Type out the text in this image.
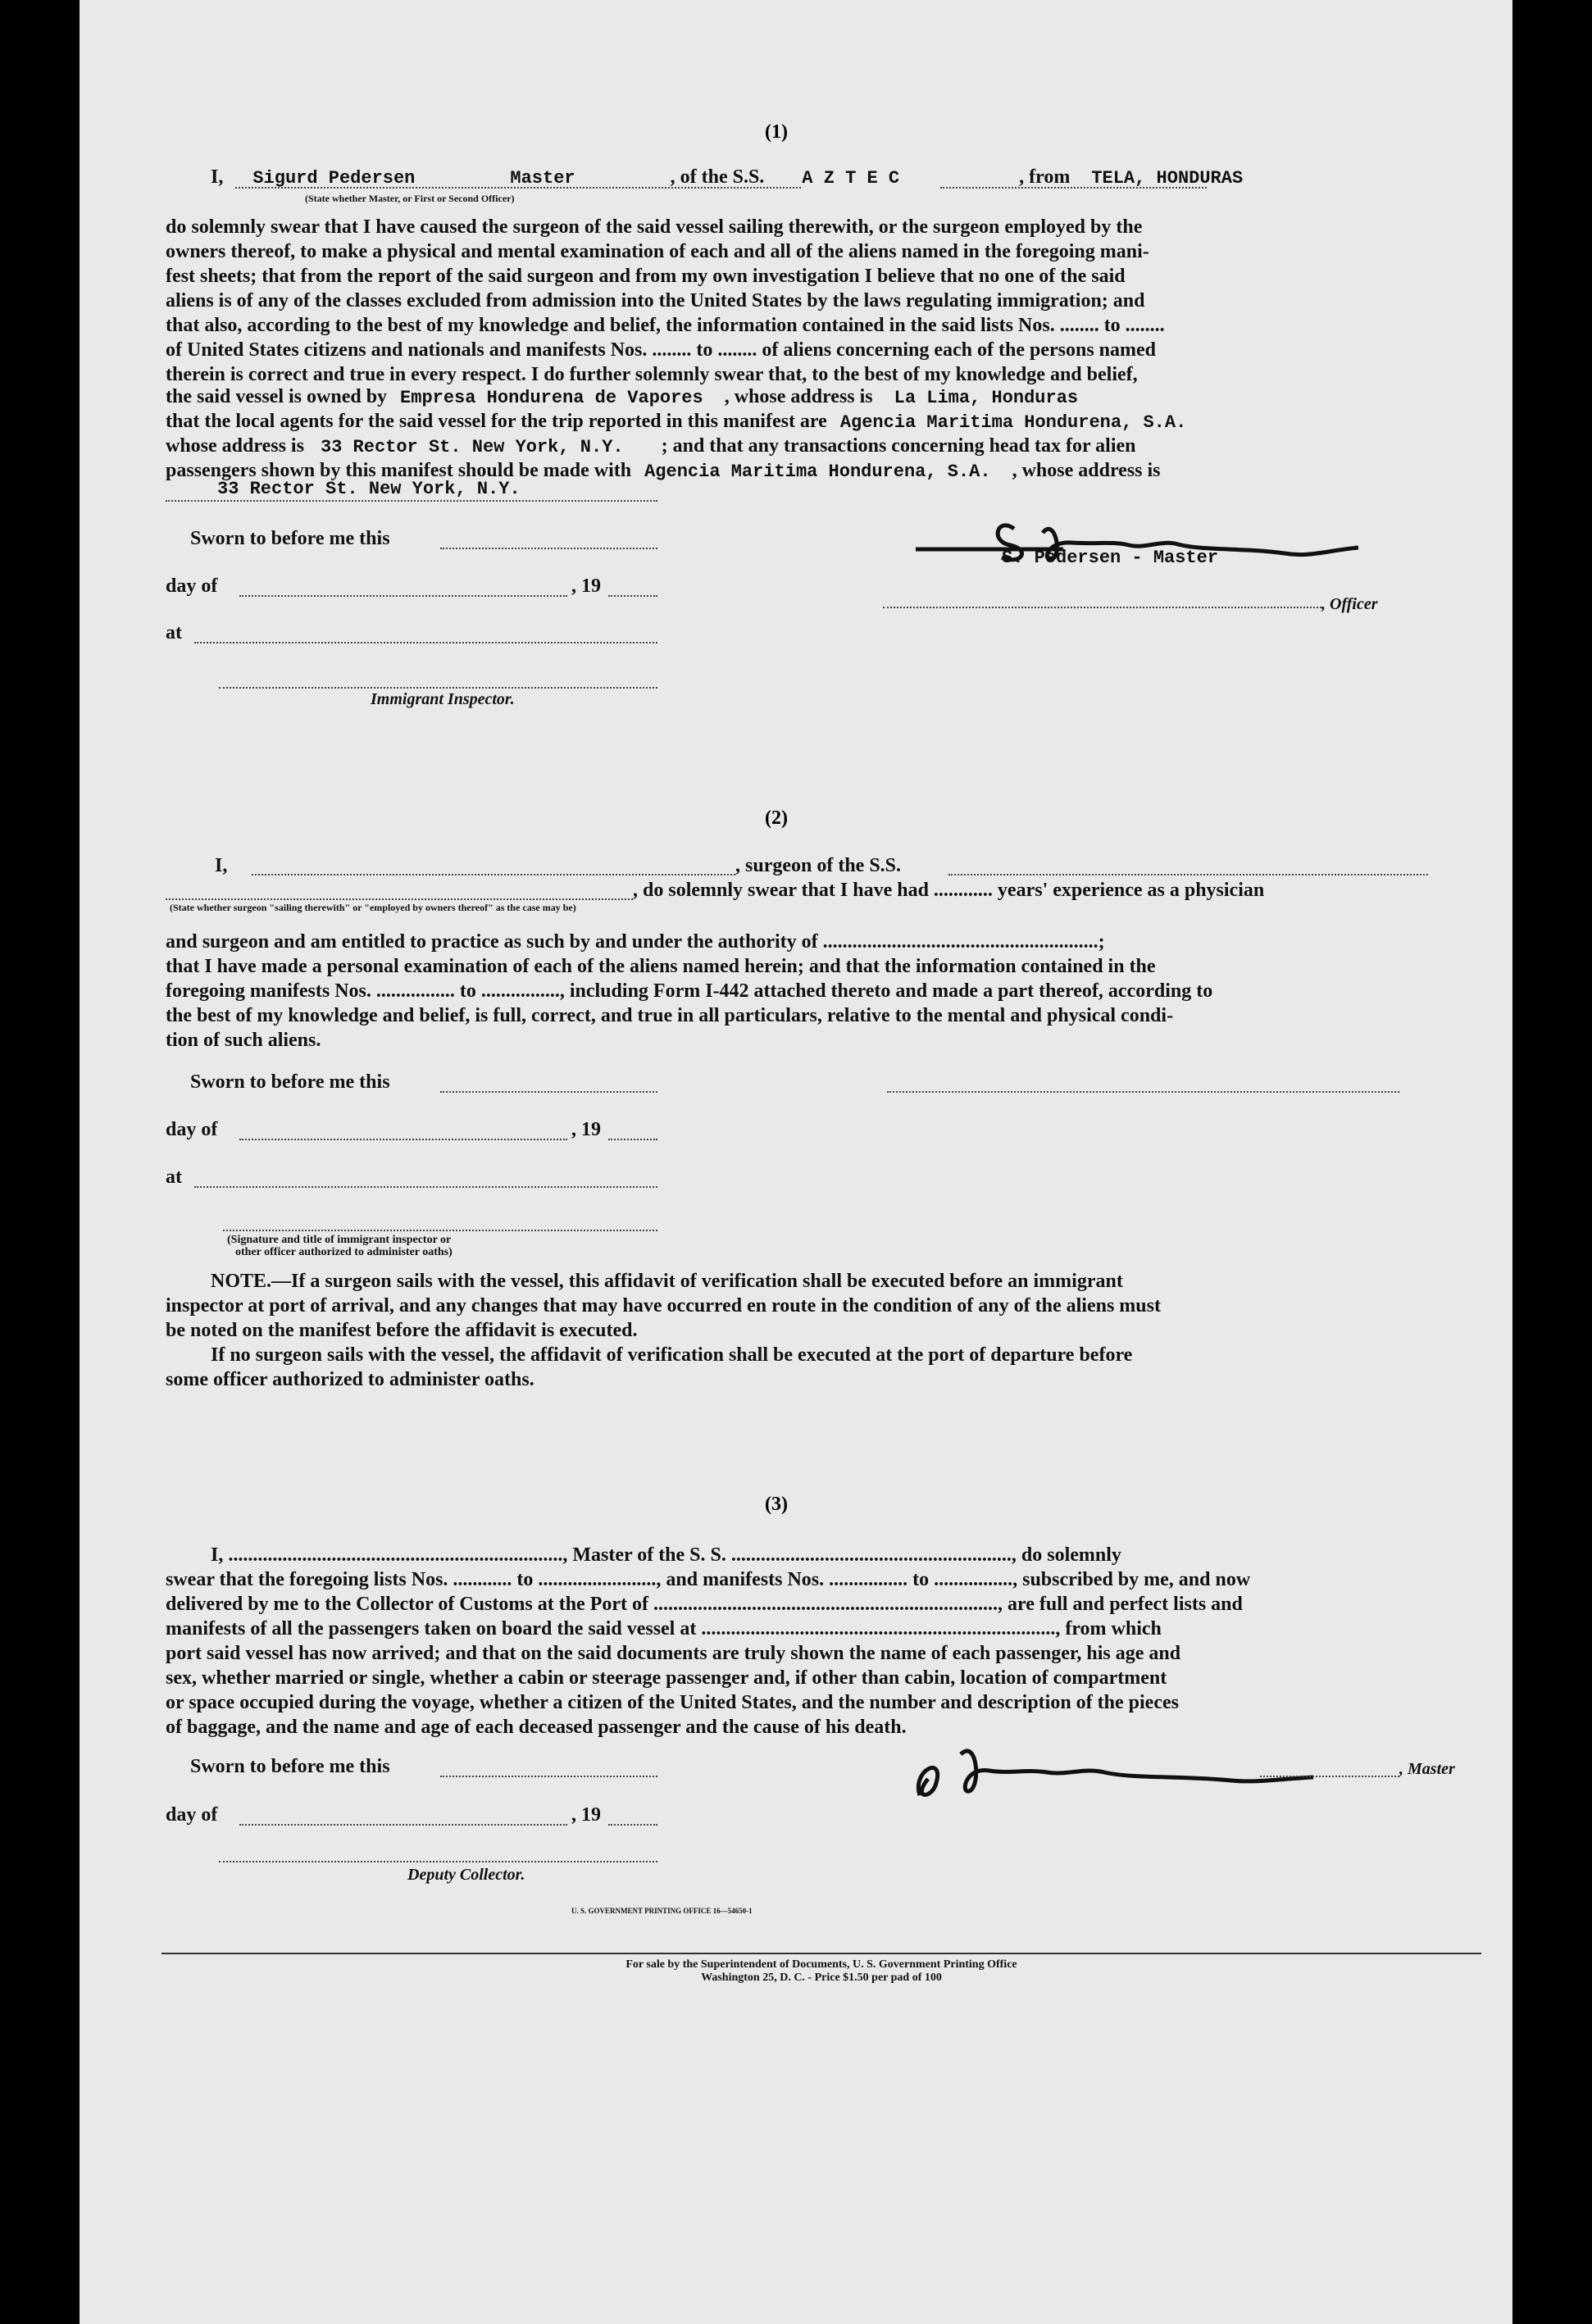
(1)
I, Sigurd Pedersen	Master	, of the S.S. A Z T E C	, from TELA, HONDURAS
(State whether Master, or First or Second Officer)
do solemnly swear that I have caused the surgeon of the said vessel sailing therewith, or the surgeon employed by the
owners thereof, to make a physical and mental examination of each and all of the aliens named in the foregoing mani-
fest sheets; that from the report of the said surgeon and from my own investigation I believe that no one of the said
aliens is of any of the classes excluded from admission into the United States by the laws regulating immigration; and
that also, according to the best of my knowledge and belief, the information contained in the said lists Nos. ........ to ........
of United States citizens and nationals and manifests Nos. ........ to ........ of aliens concerning each of the persons named
therein is correct and true in every respect. I do further solemnly swear that, to the best of my knowledge and belief,
the said vessel is owned by Empresa Hondurena de Vapores , whose address is La Lima, Honduras
that the local agents for the said vessel for the trip reported in this manifest are Agencia Maritima Hondurena, S.A.
whose address is 33 Rector St. New York, N.Y. ; and that any transactions concerning head tax for alien
passengers shown by this manifest should be made with Agencia Maritima Hondurena, S.A. , whose address is
33 Rector St. New York, N.Y.
Sworn to before me this
day of	, 19
at
Immigrant Inspector.
S. Pedersen - Master
, Officer
(2)
I,	, surgeon of the S.S.
, do solemnly swear that I have had ............ years' experience as a physician
(State whether surgeon "sailing therewith" or "employed by owners thereof" as the case may be)
and surgeon and am entitled to practice as such by and under the authority of ........................................................;
that I have made a personal examination of each of the aliens named herein; and that the information contained in the
foregoing manifests Nos. ................ to ................, including Form I-442 attached thereto and made a part thereof, according to
the best of my knowledge and belief, is full, correct, and true in all particulars, relative to the mental and physical condi-
tion of such aliens.
Sworn to before me this
day of	, 19
at
(Signature and title of immigrant inspector or
other officer authorized to administer oaths)
NOTE.—If a surgeon sails with the vessel, this affidavit of verification shall be executed before an immigrant
inspector at port of arrival, and any changes that may have occurred en route in the condition of any of the aliens must
be noted on the manifest before the affidavit is executed.
If no surgeon sails with the vessel, the affidavit of verification shall be executed at the port of departure before
some officer authorized to administer oaths.
(3)
I, ...................................................................., Master of the S. S. ........................................................., do solemnly
swear that the foregoing lists Nos. ............ to ........................, and manifests Nos. ................ to ................, subscribed by me, and now
delivered by me to the Collector of Customs at the Port of ......................................................................, are full and perfect lists and
manifests of all the passengers taken on board the said vessel at ........................................................................, from which
port said vessel has now arrived; and that on the said documents are truly shown the name of each passenger, his age and
sex, whether married or single, whether a cabin or steerage passenger and, if other than cabin, location of compartment
or space occupied during the voyage, whether a citizen of the United States, and the number and description of the pieces
of baggage, and the name and age of each deceased passenger and the cause of his death.
Sworn to before me this	, Master
day of	, 19
Deputy Collector.
U. S. GOVERNMENT PRINTING OFFICE 16—54650-1
For sale by the Superintendent of Documents, U. S. Government Printing Office
Washington 25, D. C. - Price $1.50 per pad of 100
